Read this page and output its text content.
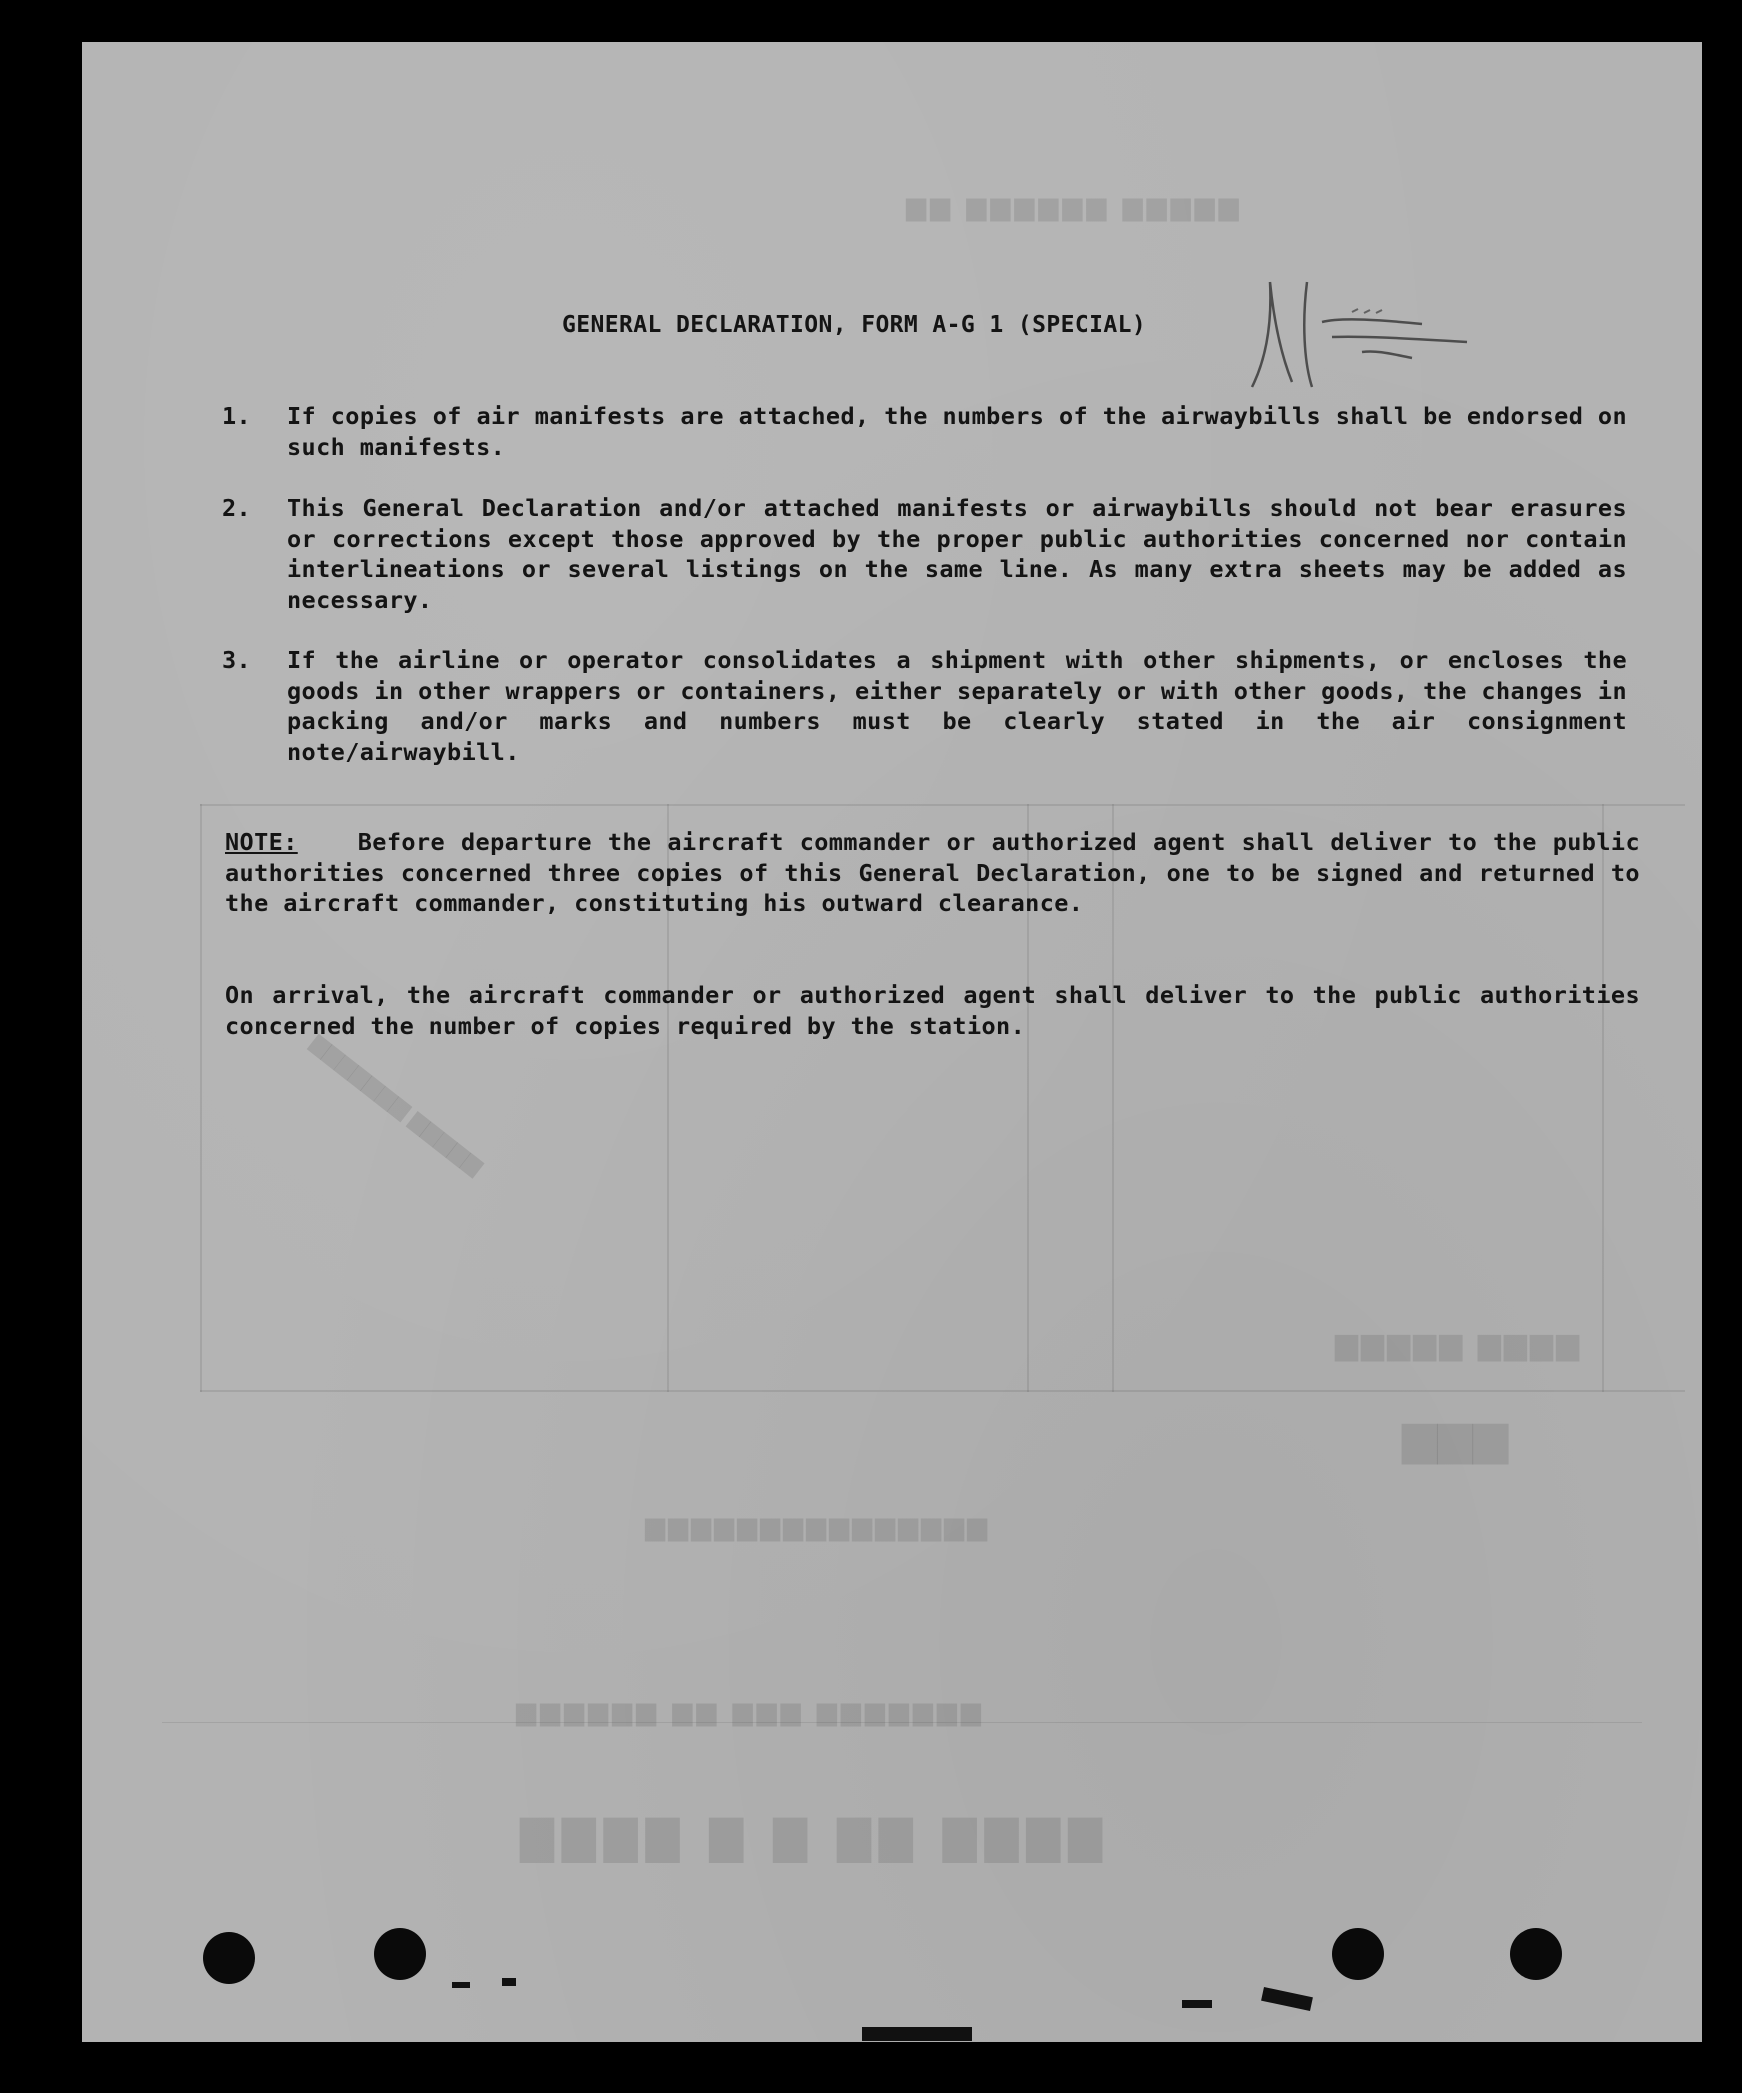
▇▇▇▇ ▇▇ ▇ ▇ ▇▇▇▇
▆▆▆▆▆▆▆ ▆▆▆ ▆▆ ▆▆▆▆▆▆
▆▆▆▆ ▆▆▆▆▆
▆▆▆
▆▆▆▆▆▆▆▆▆▆▆▆▆▆▆
▆▆▆▆▆ ▆▆▆▆▆▆▆
▆▆▆▆▆ ▆▆▆▆▆▆ ▆▆
GENERAL DECLARATION, FORM A-G 1 (SPECIAL)
1.	If copies of air manifests are attached, the numbers of the airwaybills shall be endorsed on such manifests.
2.	This General Declaration and/or attached manifests or airwaybills should not bear erasures or corrections except those approved by the proper public authorities concerned nor contain interlineations or several listings on the same line. As many extra sheets may be added as necessary.
3.	If the airline or operator consolidates a shipment with other shipments, or encloses the goods in other wrappers or containers, either separately or with other goods, the changes in packing and/or marks and numbers must be clearly stated in the air consignment note/airwaybill.
NOTE:	Before departure the aircraft commander or authorized agent shall deliver to the public authorities concerned three copies of this General Declaration, one to be signed and returned to the aircraft commander, constituting his outward clearance.
On arrival, the aircraft commander or authorized agent shall deliver to the public authorities concerned the number of copies required by the station.
